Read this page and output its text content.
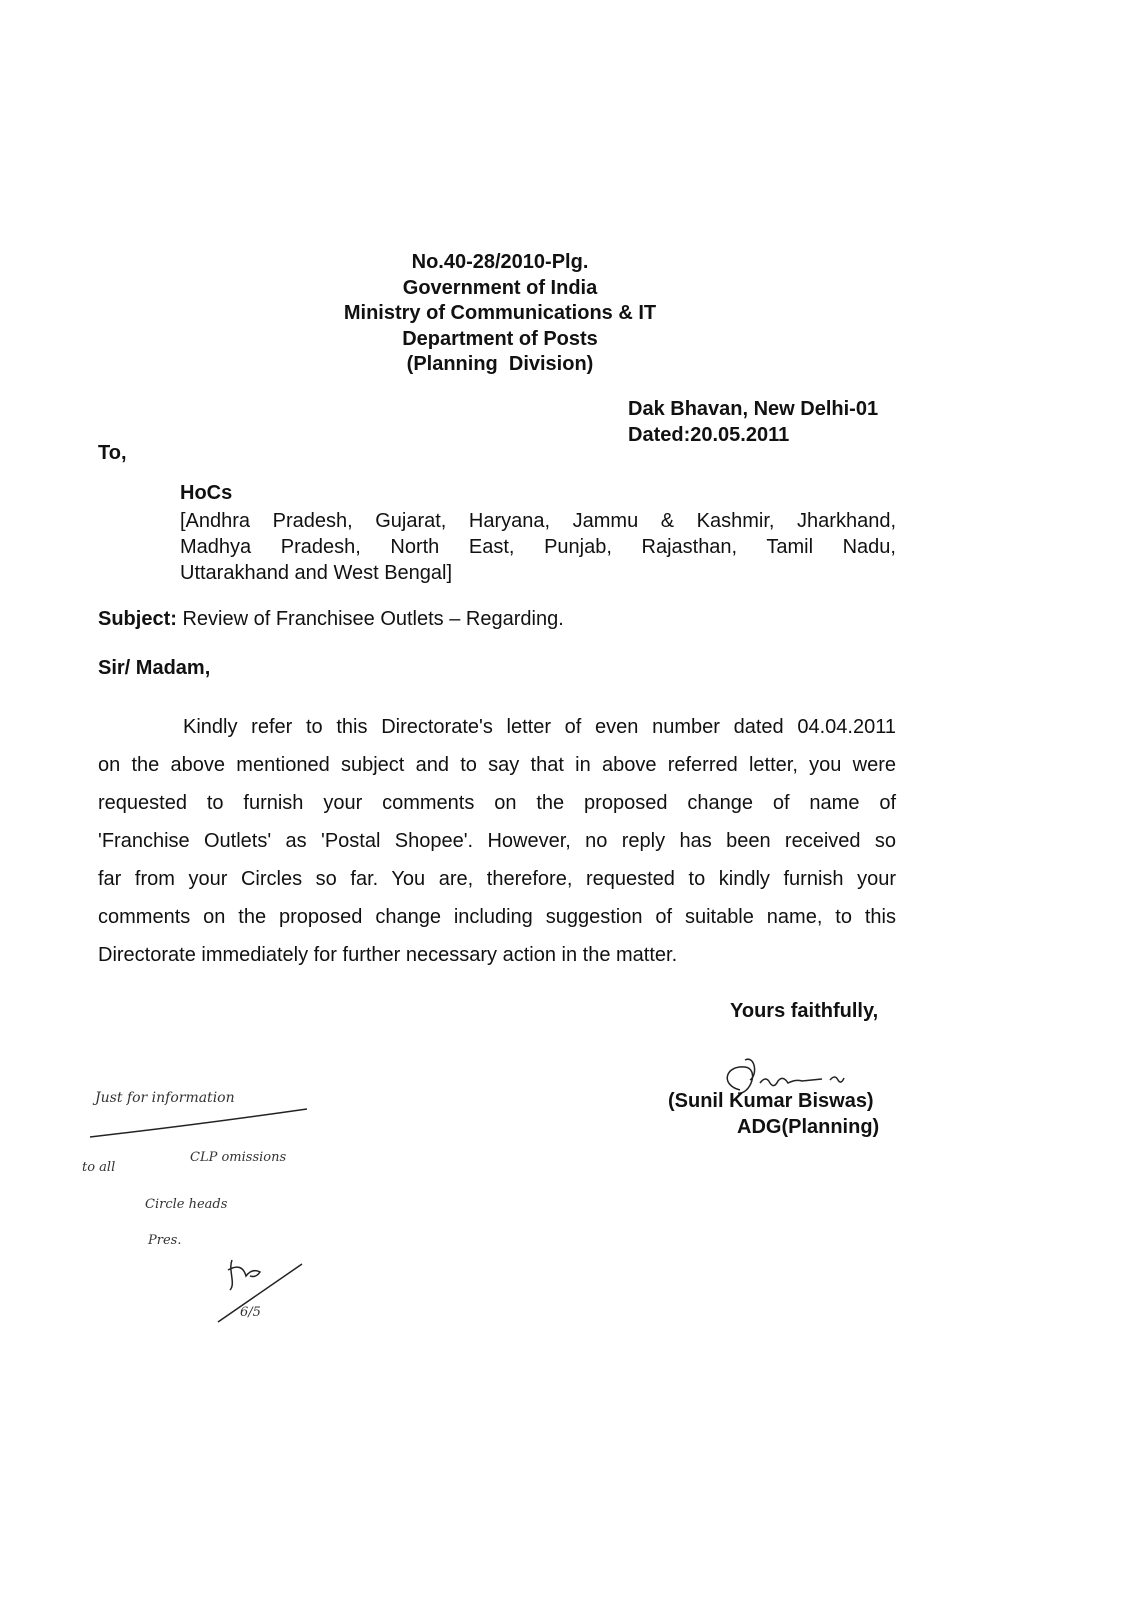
No.40-28/2010-Plg.
Government of India
Ministry of Communications & IT
Department of Posts
(Planning  Division)
Dak Bhavan, New Delhi-01
Dated:20.05.2011
To,
HoCs
[Andhra Pradesh, Gujarat, Haryana, Jammu & Kashmir, Jharkhand,
Madhya Pradesh, North East, Punjab, Rajasthan, Tamil Nadu,
Uttarakhand and West Bengal]
Subject: Review of Franchisee Outlets – Regarding.
Sir/ Madam,
Kindly refer to this Directorate's letter of even number dated 04.04.2011
on the above mentioned subject and to say that in above referred letter, you were
requested to furnish your comments on the proposed change of name of
'Franchise Outlets' as 'Postal Shopee'. However, no reply has been received so
far from your Circles so far. You are, therefore, requested to kindly furnish your
comments on the proposed change including suggestion of suitable name, to this
Directorate immediately for further necessary action in the matter.
Yours faithfully,
(Sunil Kumar Biswas)
ADG(Planning)
Just for information
to all
CLP omissions
Circle heads
Pres.
6/5
